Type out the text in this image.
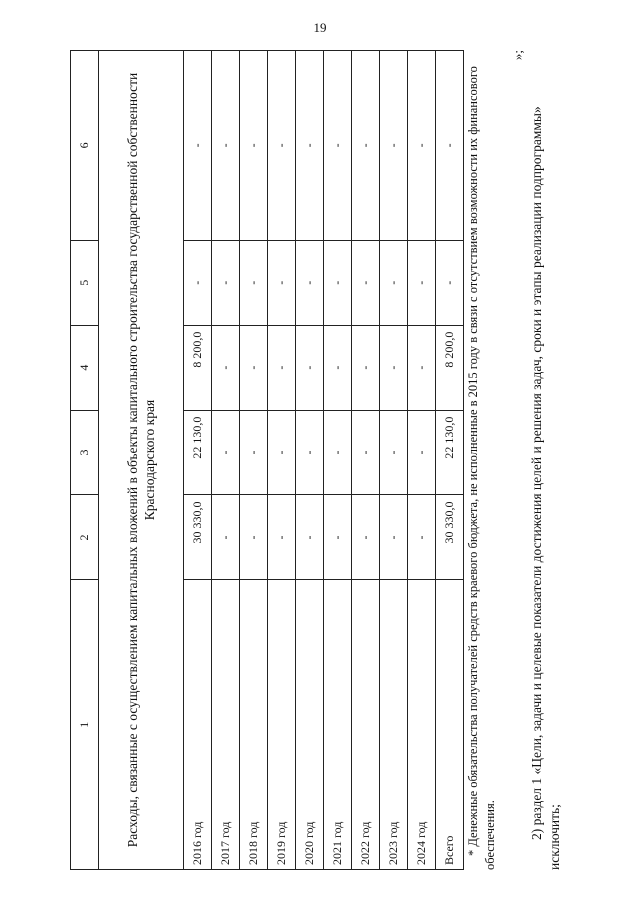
19
1	2	3	4	5	6
Расходы, связанные с осуществлением капитальных вложений в объекты капитального строительства государственной собственности Краснодарского края					
2016 год	30 330,0	22 130,0	8 200,0	-	-
2017 год	-	-	-	-	-
2018 год	-	-	-	-	-
2019 год	-	-	-	-	-
2020 год	-	-	-	-	-
2021 год	-	-	-	-	-
2022 год	-	-	-	-	-
2023 год	-	-	-	-	-
2024 год	-	-	-	-	-
Всего	30 330,0	22 130,0	8 200,0	-	- * Денежные обязательства получателей средств краевого бюджета, не исполненные в 2015 году в связи с отсутствием возможности их финансового обеспечения.
»;
2) раздел 1 «Цели, задачи и целевые показатели достижения целей и решения задач, сроки и этапы реализации подпрограммы» исключить;
